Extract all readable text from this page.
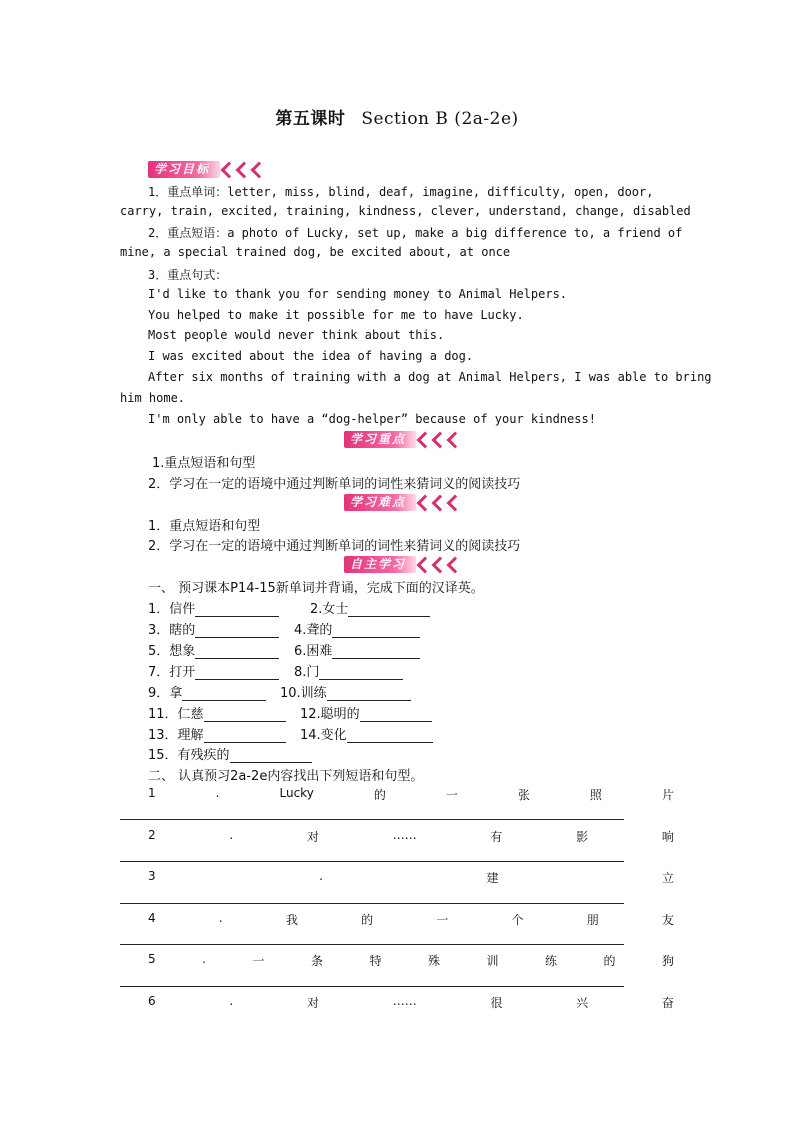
第五课时 Section B (2a-2e)
学习目标
1．重点单词：letter, miss, blind, deaf, imagine, difficulty, open, door,
carry, train, excited, training, kindness, clever, understand, change, disabled
2．重点短语：a photo of Lucky, set up, make a big difference to, a friend of
mine, a special trained dog, be excited about, at once
3．重点句式：
I'd like to thank you for sending money to Animal Helpers.
You helped to make it possible for me to have Lucky.
Most people would never think about this.
I was excited about the idea of having a dog.
After six months of training with a dog at Animal Helpers, I was able to bring
him home.
I'm only able to have a “dog-helper” because of your kindness!
学习重点
1.重点短语和句型
2．学习在一定的语境中通过判断单词的词性来猜词义的阅读技巧
学习难点
1．重点短语和句型
2．学习在一定的语境中通过判断单词的词性来猜词义的阅读技巧
自主学习
一、 预习课本P14-15新单词并背诵，完成下面的汉译英。
1．信件	2.女士
3．瞎的	4.聋的
5．想象	6.困难
7．打开	8.门
9．拿	10.训练
11．仁慈	12.聪明的
13．理解	14.变化
15．有残疾的
二、 认真预习2a-2e内容找出下列短语和句型。
1	.	Lucky	的	一	张	照	片
2	.	对	……	有	影	响
3	.	建	立
4	.	我	的	一	个	朋	友
5	.	一	条	特	殊	训	练	的	狗
6	.	对	……	很	兴	奋
